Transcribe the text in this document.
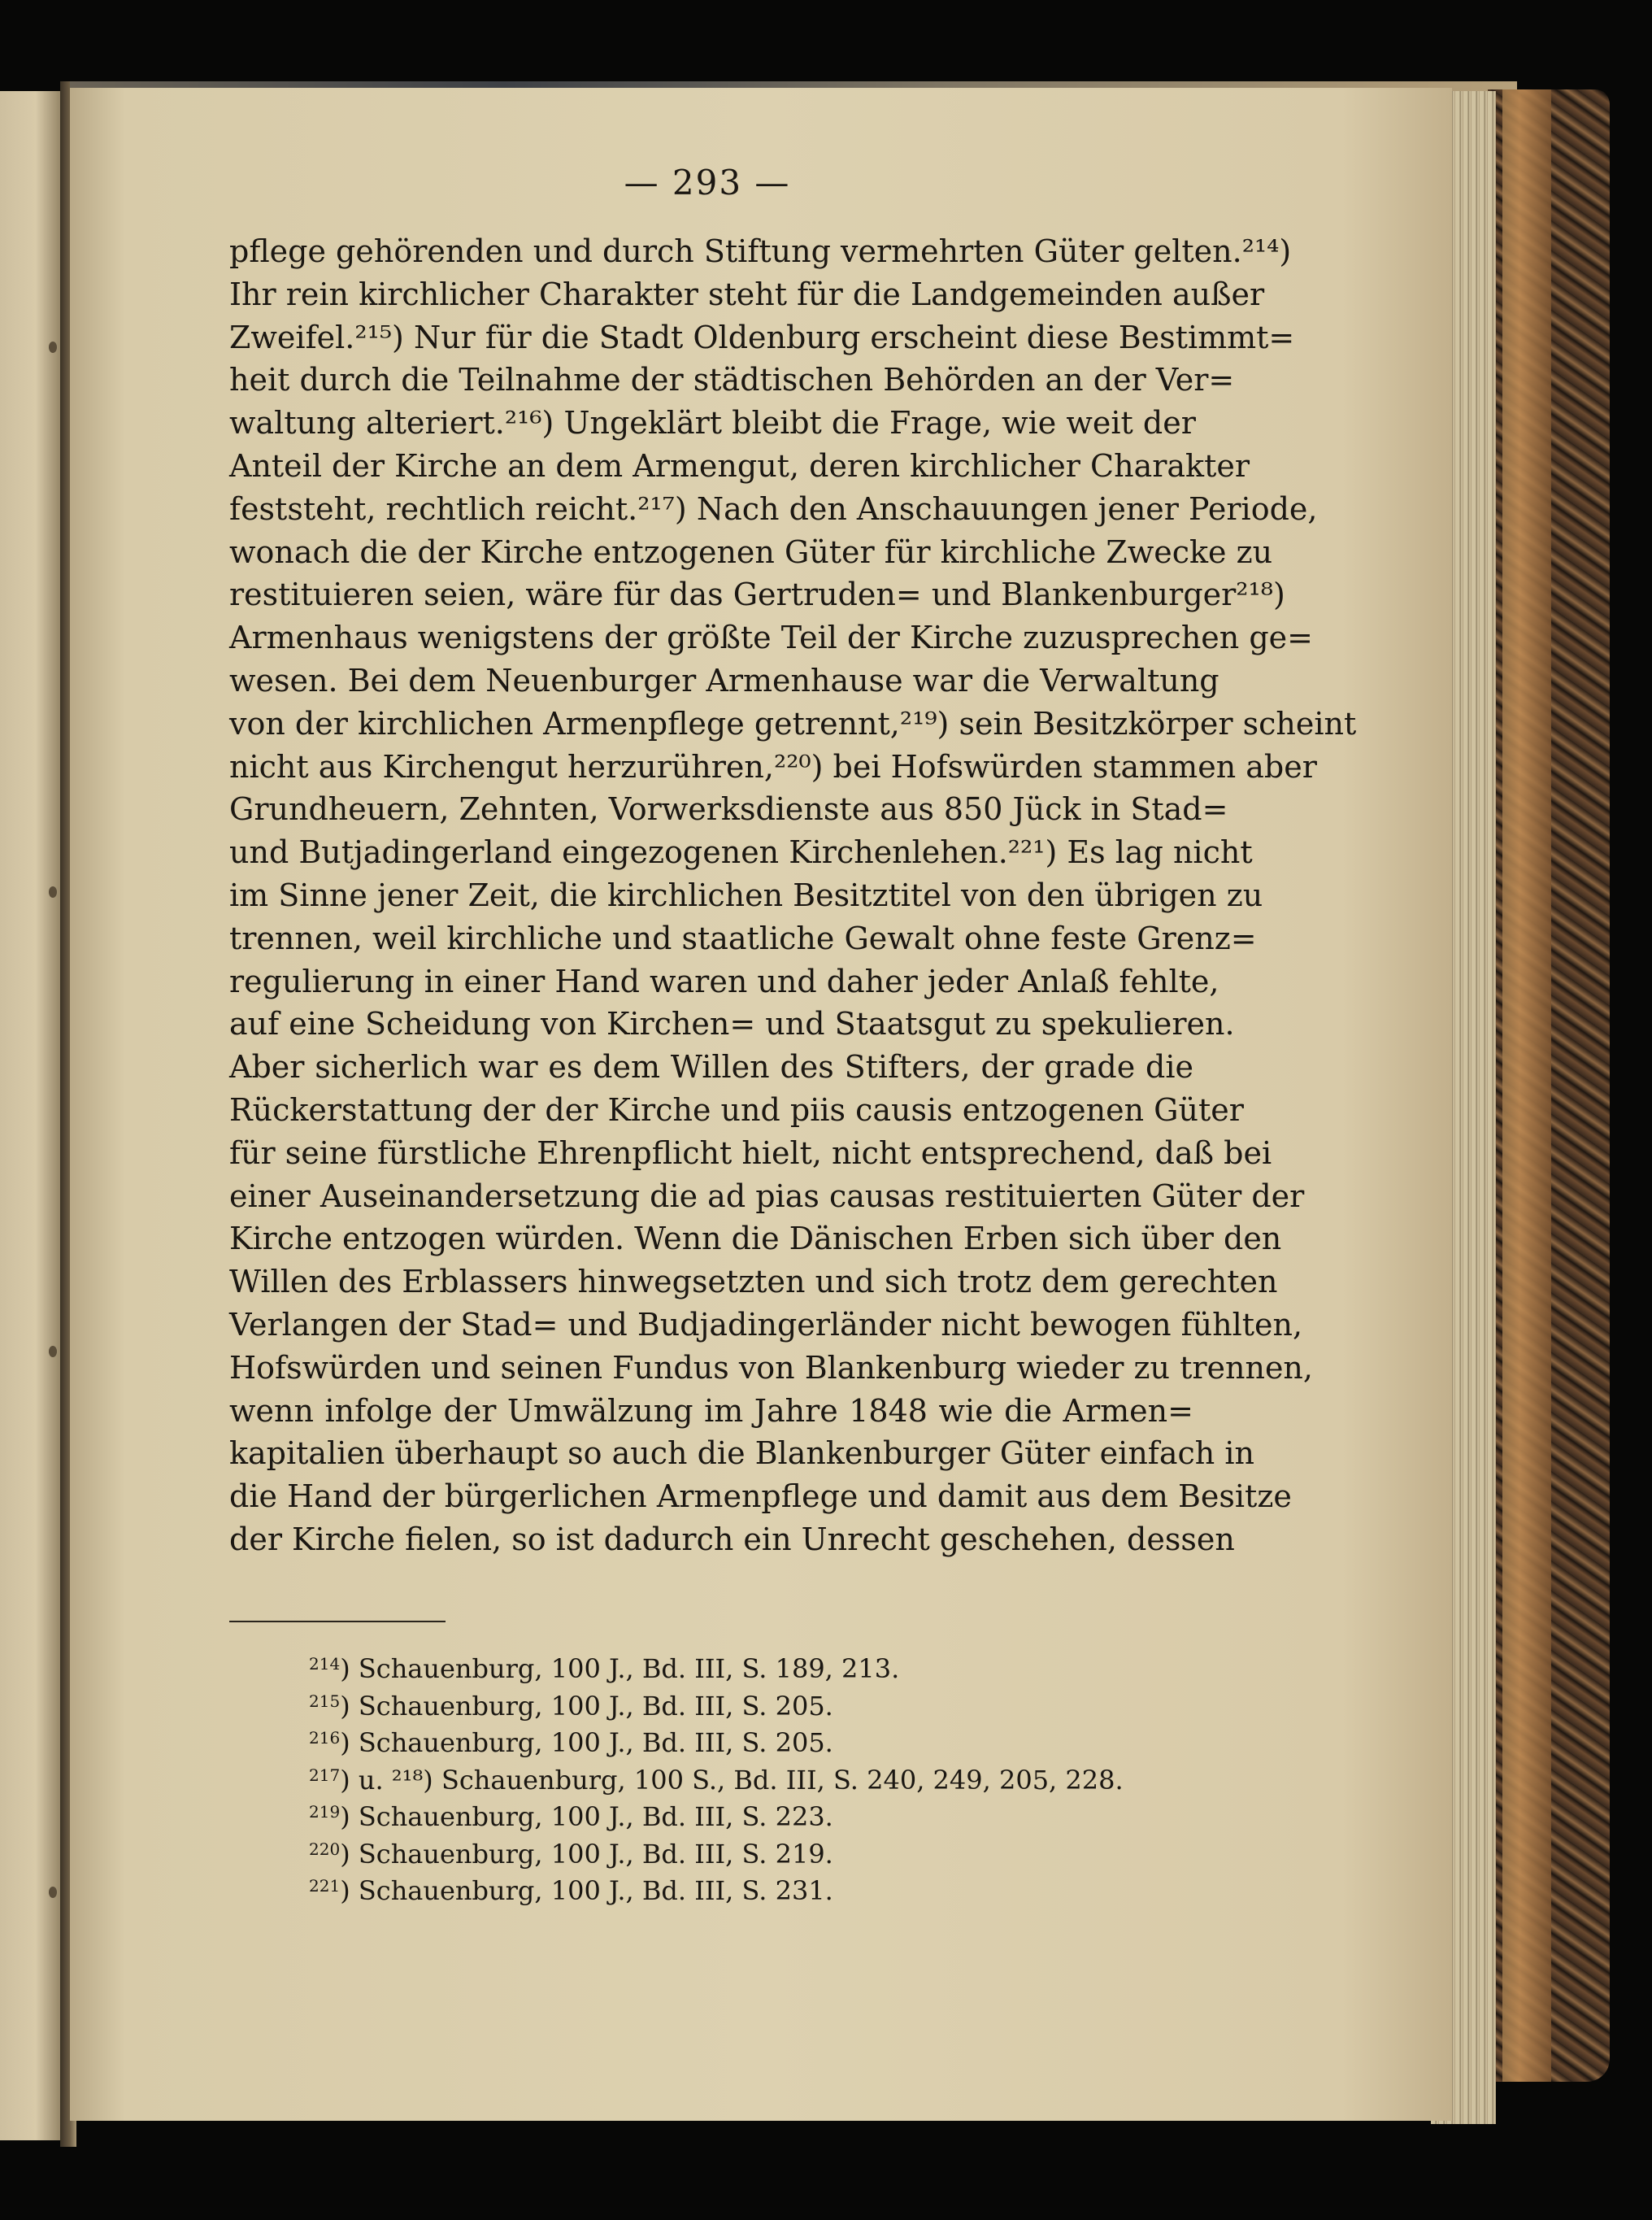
— 293 —
pflege gehörenden und durch Stiftung vermehrten Güter gelten.²¹⁴)
Ihr rein kirchlicher Charakter steht für die Landgemeinden außer
Zweifel.²¹⁵) Nur für die Stadt Oldenburg erscheint diese Bestimmt=
heit durch die Teilnahme der städtischen Behörden an der Ver=
waltung alteriert.²¹⁶) Ungeklärt bleibt die Frage, wie weit der
Anteil der Kirche an dem Armengut, deren kirchlicher Charakter
feststeht, rechtlich reicht.²¹⁷) Nach den Anschauungen jener Periode,
wonach die der Kirche entzogenen Güter für kirchliche Zwecke zu
restituieren seien, wäre für das Gertruden= und Blankenburger²¹⁸)
Armenhaus wenigstens der größte Teil der Kirche zuzusprechen ge=
wesen. Bei dem Neuenburger Armenhause war die Verwaltung
von der kirchlichen Armenpflege getrennt,²¹⁹) sein Besitzkörper scheint
nicht aus Kirchengut herzurühren,²²⁰) bei Hofswürden stammen aber
Grundheuern, Zehnten, Vorwerksdienste aus 850 Jück in Stad=
und Butjadingerland eingezogenen Kirchenlehen.²²¹) Es lag nicht
im Sinne jener Zeit, die kirchlichen Besitztitel von den übrigen zu
trennen, weil kirchliche und staatliche Gewalt ohne feste Grenz=
regulierung in einer Hand waren und daher jeder Anlaß fehlte,
auf eine Scheidung von Kirchen= und Staatsgut zu spekulieren.
Aber sicherlich war es dem Willen des Stifters, der grade die
Rückerstattung der der Kirche und piis causis entzogenen Güter
für seine fürstliche Ehrenpflicht hielt, nicht entsprechend, daß bei
einer Auseinandersetzung die ad pias causas restituierten Güter der
Kirche entzogen würden. Wenn die Dänischen Erben sich über den
Willen des Erblassers hinwegsetzten und sich trotz dem gerechten
Verlangen der Stad= und Budjadingerländer nicht bewogen fühlten,
Hofswürden und seinen Fundus von Blankenburg wieder zu trennen,
wenn infolge der Umwälzung im Jahre 1848 wie die Armen=
kapitalien überhaupt so auch die Blankenburger Güter einfach in
die Hand der bürgerlichen Armenpflege und damit aus dem Besitze
der Kirche fielen, so ist dadurch ein Unrecht geschehen, dessen
$^{214}$) Schauenburg, 100 J., Bd. III, S. 189, 213.
$^{215}$) Schauenburg, 100 J., Bd. III, S. 205.
$^{216}$) Schauenburg, 100 J., Bd. III, S. 205.
$^{217}$) u. ²¹⁸) Schauenburg, 100 S., Bd. III, S. 240, 249, 205, 228.
$^{219}$) Schauenburg, 100 J., Bd. III, S. 223.
$^{220}$) Schauenburg, 100 J., Bd. III, S. 219.
$^{221}$) Schauenburg, 100 J., Bd. III, S. 231.
